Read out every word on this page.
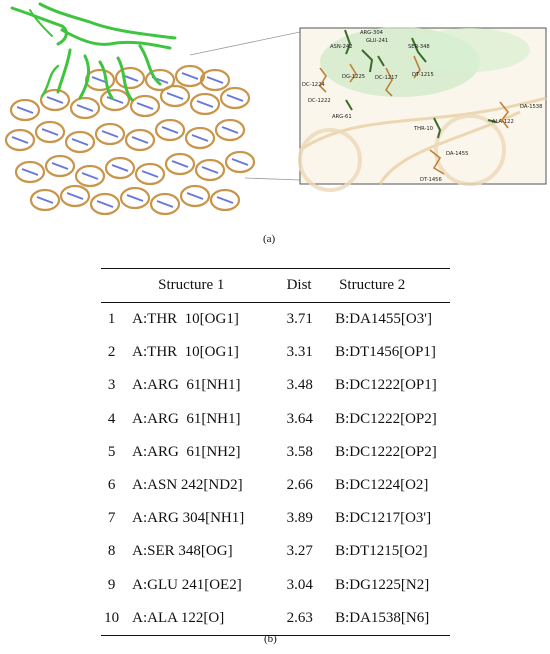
ARG-304
ASN-242
GLU-241
SER-348
DG-1225 DC-1217	DT-1215
DC-1224
DC-1222
ARG-61
DA-1538
ALA-122
THR-10
DA-1455
DT-1456
(a)
	Structure 1	Dist	Structure 2
1	A:THR  10[OG1]	3.71	B:DA1455[O3']
2	A:THR  10[OG1]	3.31	B:DT1456[OP1]
3	A:ARG  61[NH1]	3.48	B:DC1222[OP1]
4	A:ARG  61[NH1]	3.64	B:DC1222[OP2]
5	A:ARG  61[NH2]	3.58	B:DC1222[OP2]
6	A:ASN 242[ND2]	2.66	B:DC1224[O2]
7	A:ARG 304[NH1]	3.89	B:DC1217[O3']
8	A:SER 348[OG]	3.27	B:DT1215[O2]
9	A:GLU 241[OE2]	3.04	B:DG1225[N2]
10	A:ALA 122[O]	2.63	B:DA1538[N6]
(b)
